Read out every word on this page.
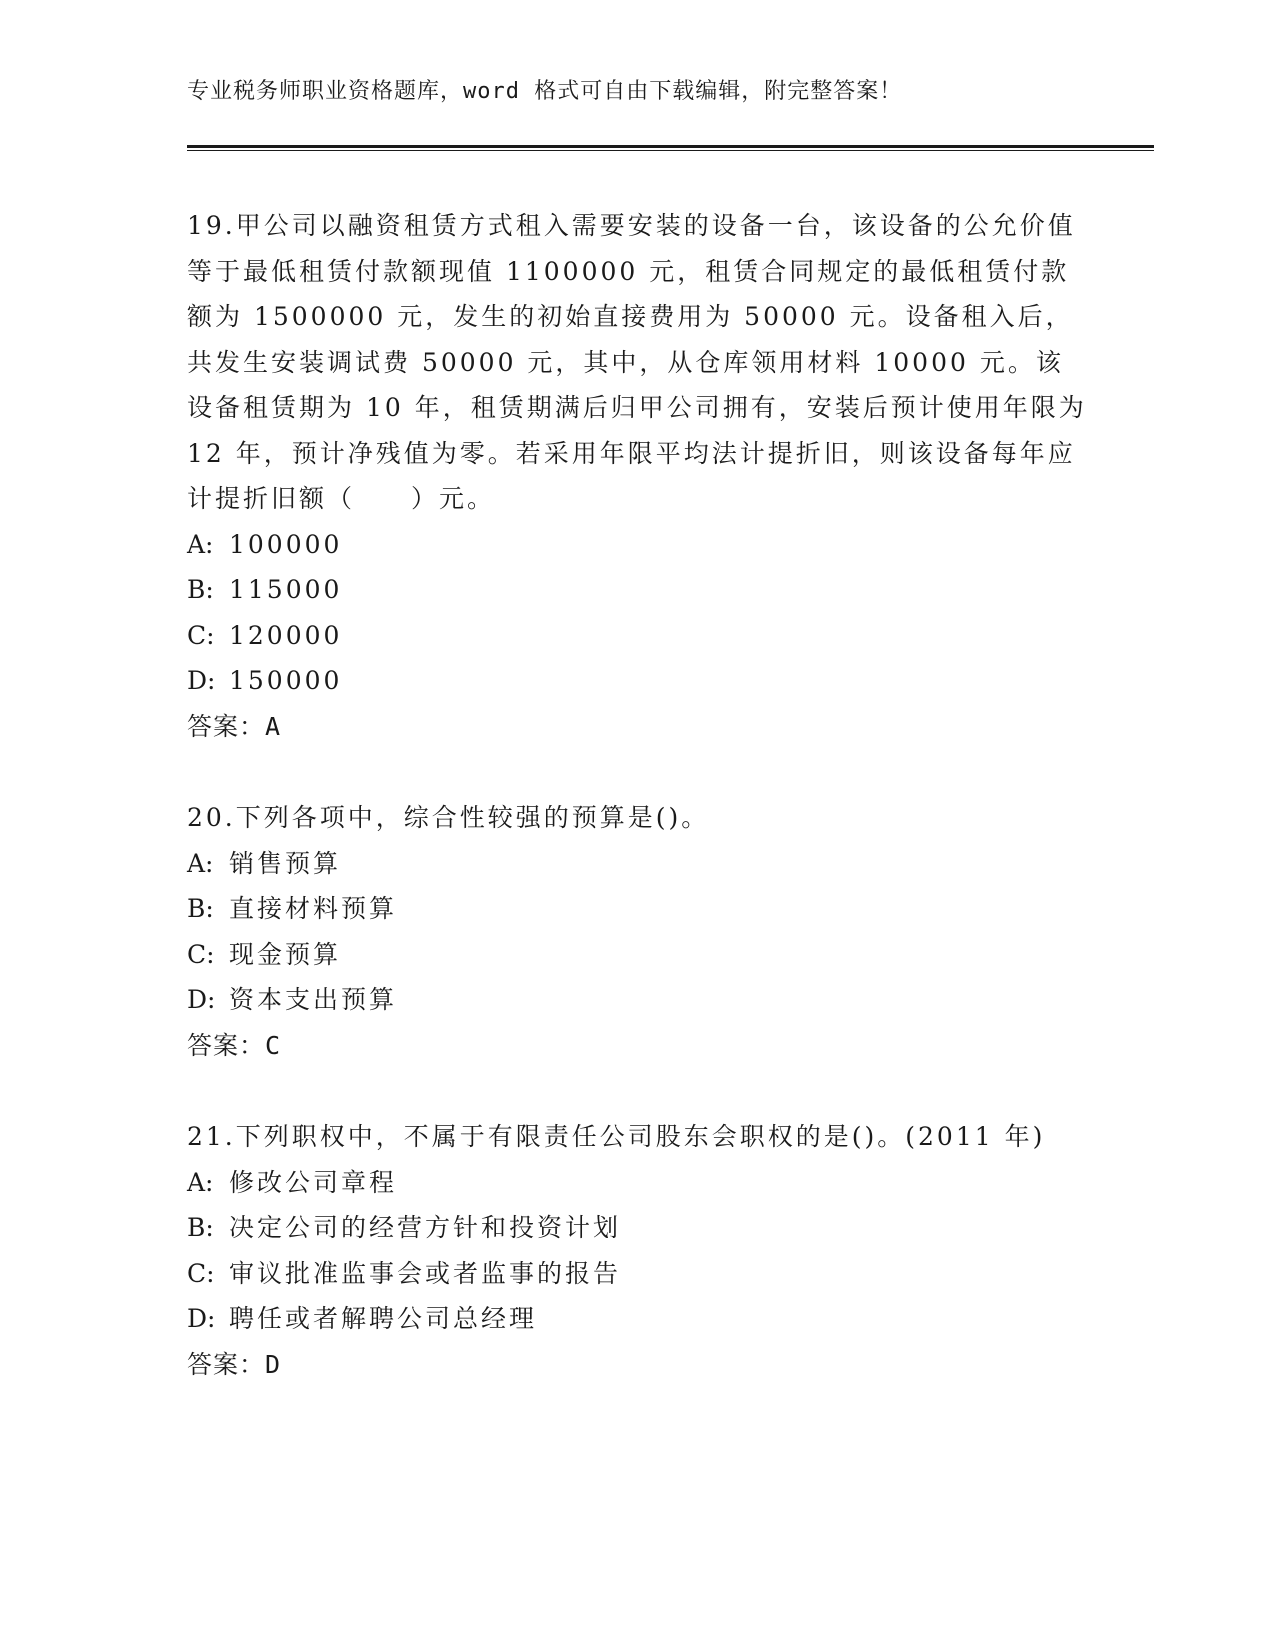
专业税务师职业资格题库，word 格式可自由下载编辑，附完整答案！

19.甲公司以融资租赁方式租入需要安装的设备一台，该设备的公允价值等于最低租赁付款额现值 1100000 元，租赁合同规定的最低租赁付款额为 1500000 元，发生的初始直接费用为 50000 元。设备租入后，共发生安装调试费 50000 元，其中，从仓库领用材料 10000 元。该设备租赁期为 10 年，租赁期满后归甲公司拥有，安装后预计使用年限为 12 年，预计净残值为零。若采用年限平均法计提折旧，则该设备每年应计提折旧额（　　）元。

A: 100000

B: 115000

C: 120000

D: 150000

答案：A

20.下列各项中，综合性较强的预算是()。

A: 销售预算

B: 直接材料预算

C: 现金预算

D: 资本支出预算

答案：C

21.下列职权中，不属于有限责任公司股东会职权的是()。(2011 年)

A: 修改公司章程

B: 决定公司的经营方针和投资计划

C: 审议批准监事会或者监事的报告

D: 聘任或者解聘公司总经理

答案：D
